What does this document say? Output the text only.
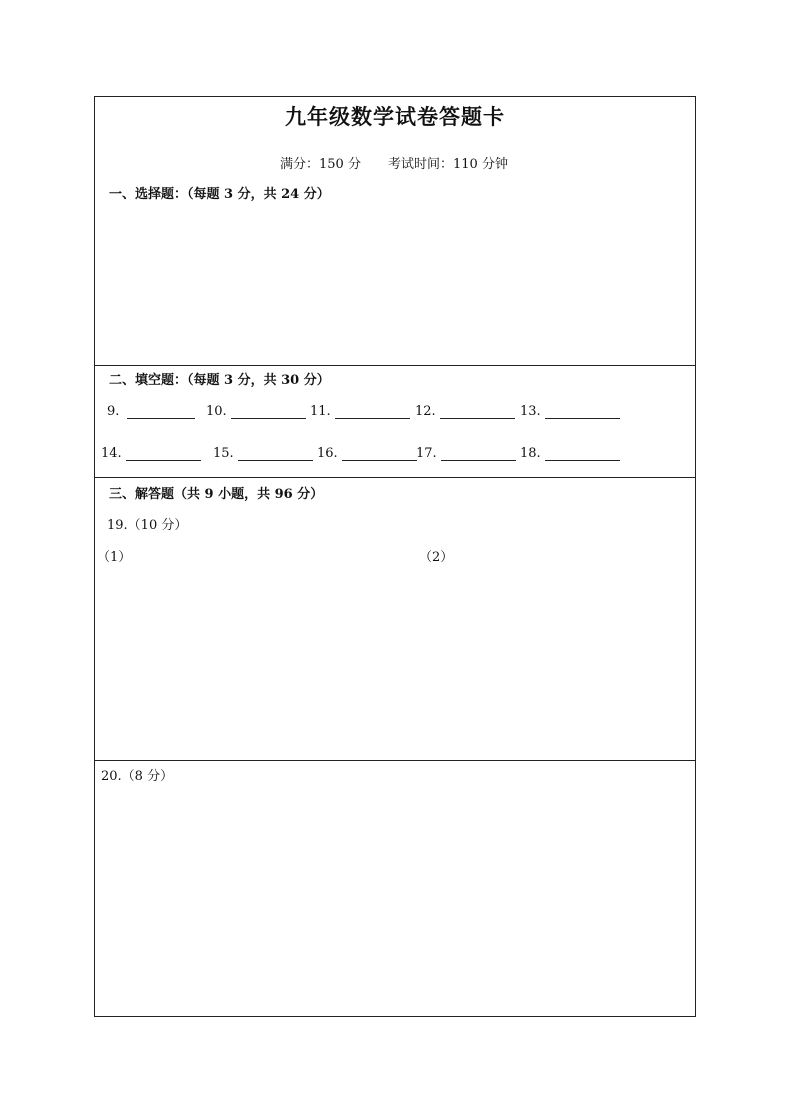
九年级数学试卷答题卡
满分：150 分 考试时间：110 分钟
一、选择题：（每题 3 分，共 24 分）
二、填空题：（每题 3 分，共 30 分）
9.	10.	11.	12.	13.
14.	15.	16.	17.	18.
三、解答题（共 9 小题，共 96 分）
19.（10 分）
（1）	（2）
20.（8 分）
